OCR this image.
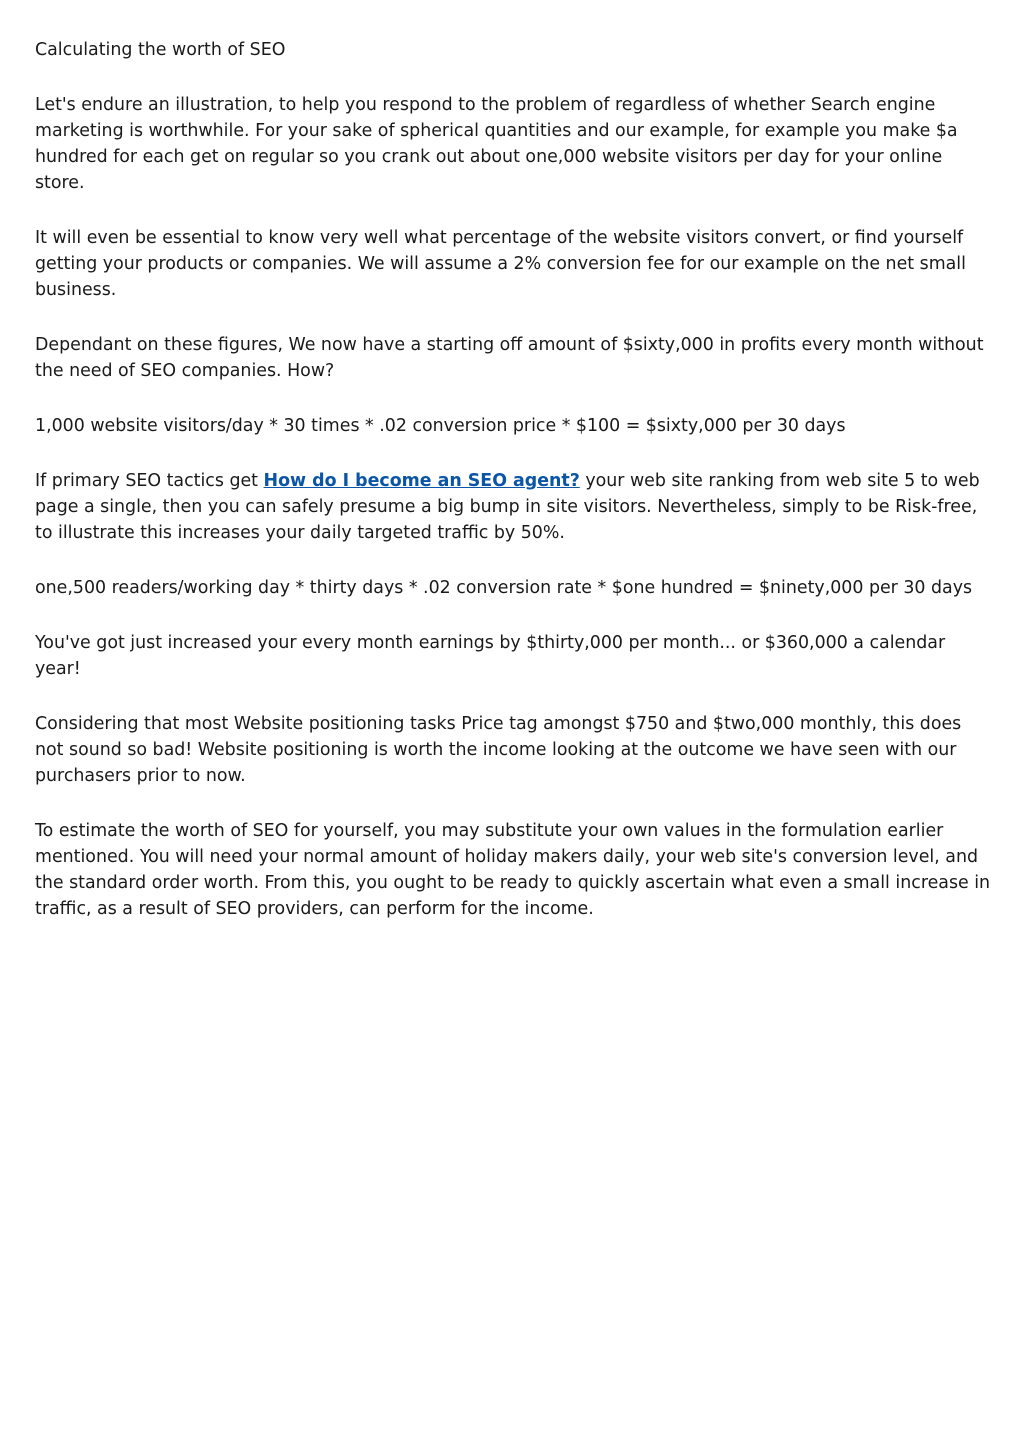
Calculating the worth of SEO

Let's endure an illustration, to help you respond to the problem of regardless of whether Search engine marketing is worthwhile. For your sake of spherical quantities and our example, for example you make $a hundred for each get on regular so you crank out about one,000 website visitors per day for your online store.

It will even be essential to know very well what percentage of the website visitors convert, or find yourself getting your products or companies. We will assume a 2% conversion fee for our example on the net small business.

Dependant on these figures, We now have a starting off amount of $sixty,000 in profits every month without the need of SEO companies. How?

1,000 website visitors/day * 30 times * .02 conversion price * $100 = $sixty,000 per 30 days

If primary SEO tactics get How do I become an SEO agent? your web site ranking from web site 5 to web page a single, then you can safely presume a big bump in site visitors. Nevertheless, simply to be Risk-free, to illustrate this increases your daily targeted traffic by 50%.

one,500 readers/working day * thirty days * .02 conversion rate * $one hundred = $ninety,000 per 30 days

You've got just increased your every month earnings by $thirty,000 per month... or $360,000 a calendar year!

Considering that most Website positioning tasks Price tag amongst $750 and $two,000 monthly, this does not sound so bad! Website positioning is worth the income looking at the outcome we have seen with our purchasers prior to now.

To estimate the worth of SEO for yourself, you may substitute your own values in the formulation earlier mentioned. You will need your normal amount of holiday makers daily, your web site's conversion level, and the standard order worth. From this, you ought to be ready to quickly ascertain what even a small increase in traffic, as a result of SEO providers, can perform for the income.
